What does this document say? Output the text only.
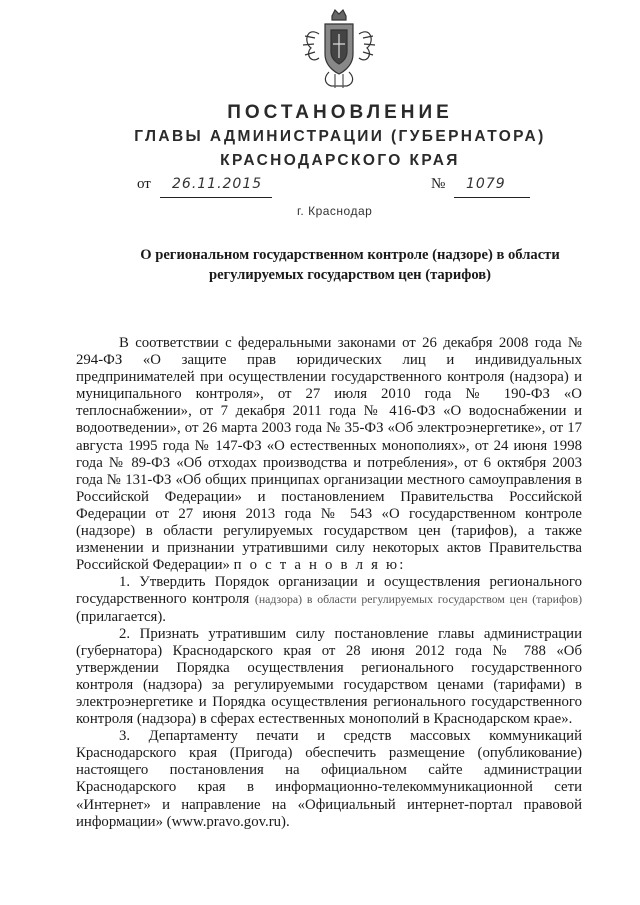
ПОСТАНОВЛЕНИЕ
ГЛАВЫ АДМИНИСТРАЦИИ (ГУБЕРНАТОРА)
КРАСНОДАРСКОГО КРАЯ
от 26.11.2015	№ 1079
г. Краснодар
О региональном государственном контроле (надзоре) в области
регулируемых государством цен (тарифов)

В соответствии с федеральными законами от 26 декабря 2008 года № 294-ФЗ «О защите прав юридических лиц и индивидуальных предпринимателей при осуществлении государственного контроля (надзора) и муниципального контроля», от 27 июля 2010 года № 190-ФЗ «О теплоснабжении», от 7 декабря 2011 года № 416-ФЗ «О водоснабжении и водоотведении», от 26 марта 2003 года № 35-ФЗ «Об электроэнергетике», от 17 августа 1995 года № 147-ФЗ «О естественных монополиях», от 24 июня 1998 года № 89-ФЗ «Об отходах производства и потребления», от 6 октября 2003 года № 131-ФЗ «Об общих принципах организации местного самоуправления в Российской Федерации» и постановлением Правительства Российской Федерации от 27 июня 2013 года № 543 «О государственном контроле (надзоре) в области регулируемых государством цен (тарифов), а также изменении и признании утратившими силу некоторых актов Правительства Российской Федерации» п о с т а н о в л я ю:

1. Утвердить Порядок организации и осуществления регионального государственного контроля (надзора) в области регулируемых государством цен (тарифов) (прилагается).

2. Признать утратившим силу постановление главы администрации (губернатора) Краснодарского края от 28 июня 2012 года № 788 «Об утверждении Порядка осуществления регионального государственного контроля (надзора) за регулируемыми государством ценами (тарифами) в электроэнергетике и Порядка осуществления регионального государственного контроля (надзора) в сферах естественных монополий в Краснодарском крае».

3. Департаменту печати и средств массовых коммуникаций Краснодарского края (Пригода) обеспечить размещение (опубликование) настоящего постановления на официальном сайте администрации Краснодарского края в информационно-телекоммуникационной сети «Интернет» и направление на «Официальный интернет-портал правовой информации» (www.pravo.gov.ru).
